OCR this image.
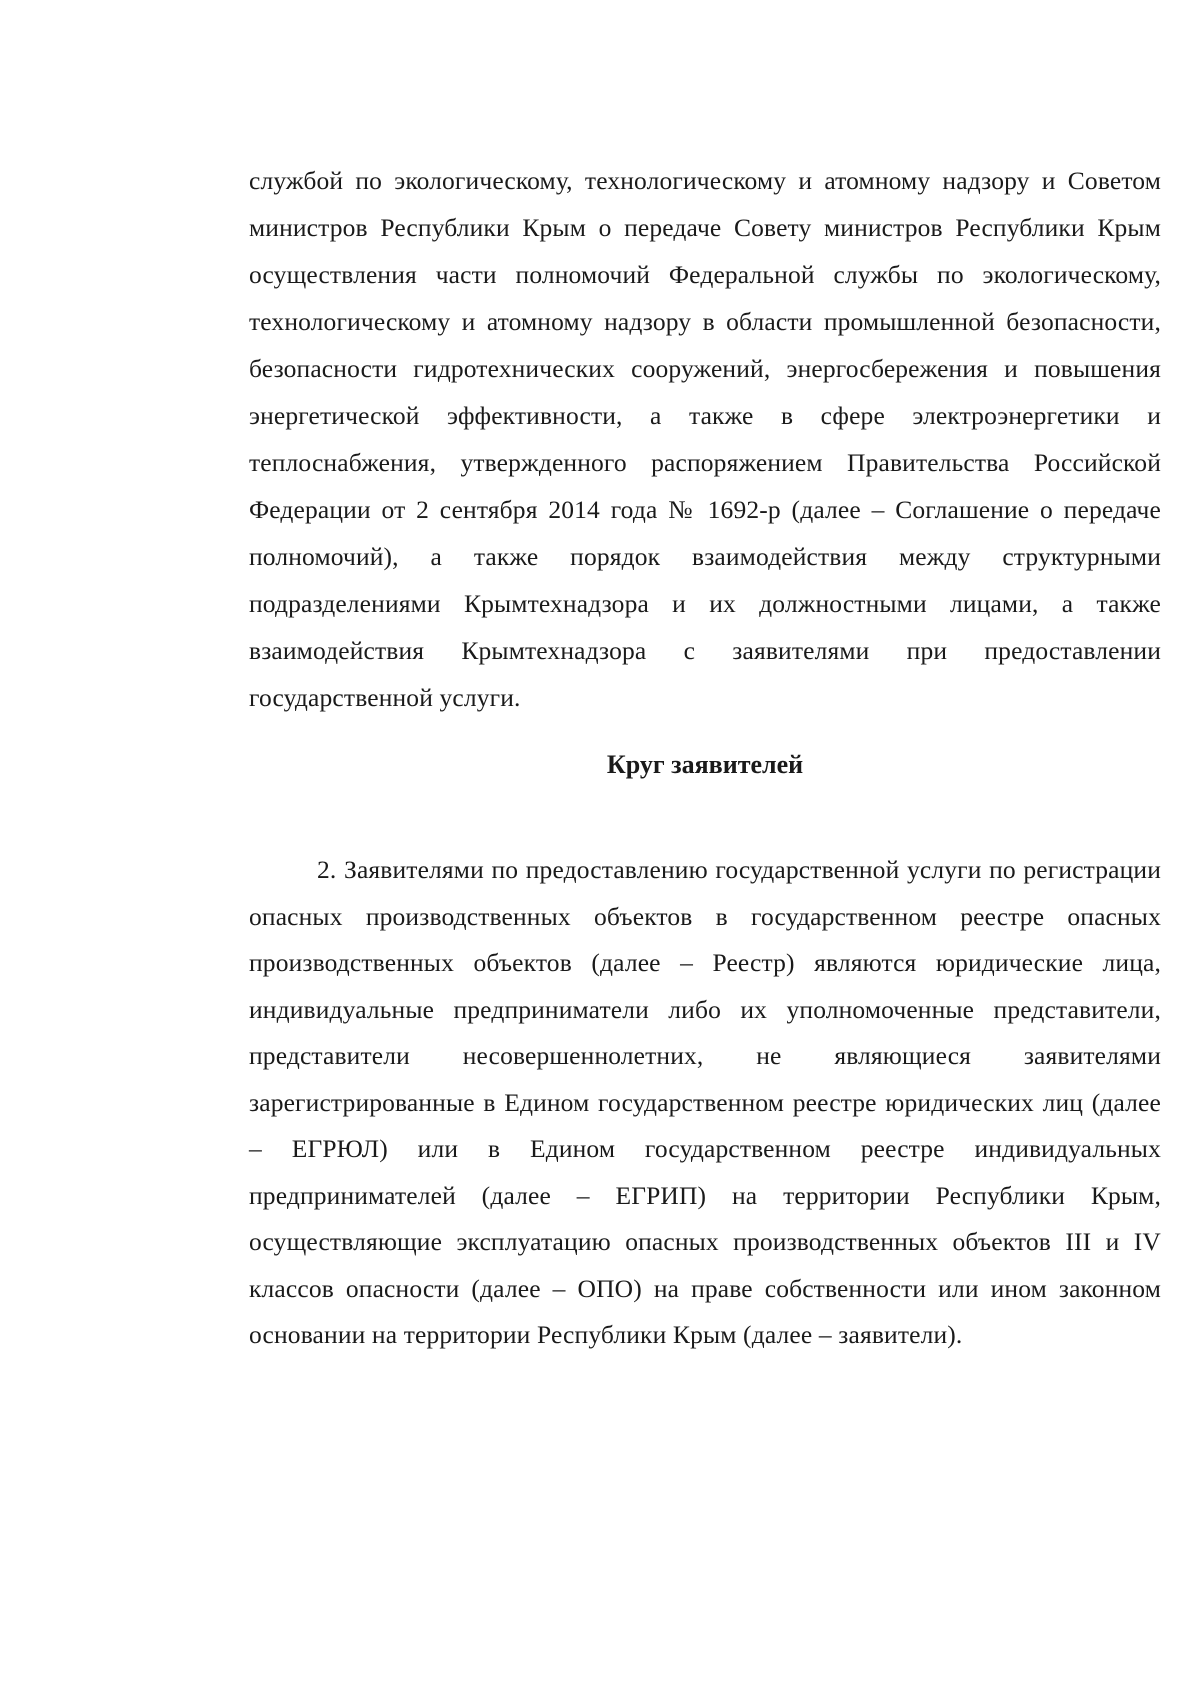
службой по экологическому, технологическому и атомному надзору и Советом министров Республики Крым о передаче Совету министров Республики Крым осуществления части полномочий Федеральной службы по экологическому, технологическому и атомному надзору в области промышленной безопасности, безопасности гидротехнических сооружений, энергосбережения и повышения энергетической эффективности, а также в сфере электроэнергетики и теплоснабжения, утвержденного распоряжением Правительства Российской Федерации от 2 сентября 2014 года № 1692-р (далее – Соглашение о передаче полномочий), а также порядок взаимодействия между структурными подразделениями Крымтехнадзора и их должностными лицами, а также взаимодействия Крымтехнадзора с заявителями при предоставлении государственной услуги.

Круг заявителей

2. Заявителями по предоставлению государственной услуги по регистрации опасных производственных объектов в государственном реестре опасных производственных объектов (далее – Реестр) являются юридические лица, индивидуальные предприниматели либо их уполномоченные представители, представители несовершеннолетних, не являющиеся заявителями зарегистрированные в Едином государственном реестре юридических лиц (далее – ЕГРЮЛ) или в Едином государственном реестре индивидуальных предпринимателей (далее – ЕГРИП) на территории Республики Крым, осуществляющие эксплуатацию опасных производственных объектов III и IV классов опасности (далее – ОПО) на праве собственности или ином законном основании на территории Республики Крым (далее – заявители).
